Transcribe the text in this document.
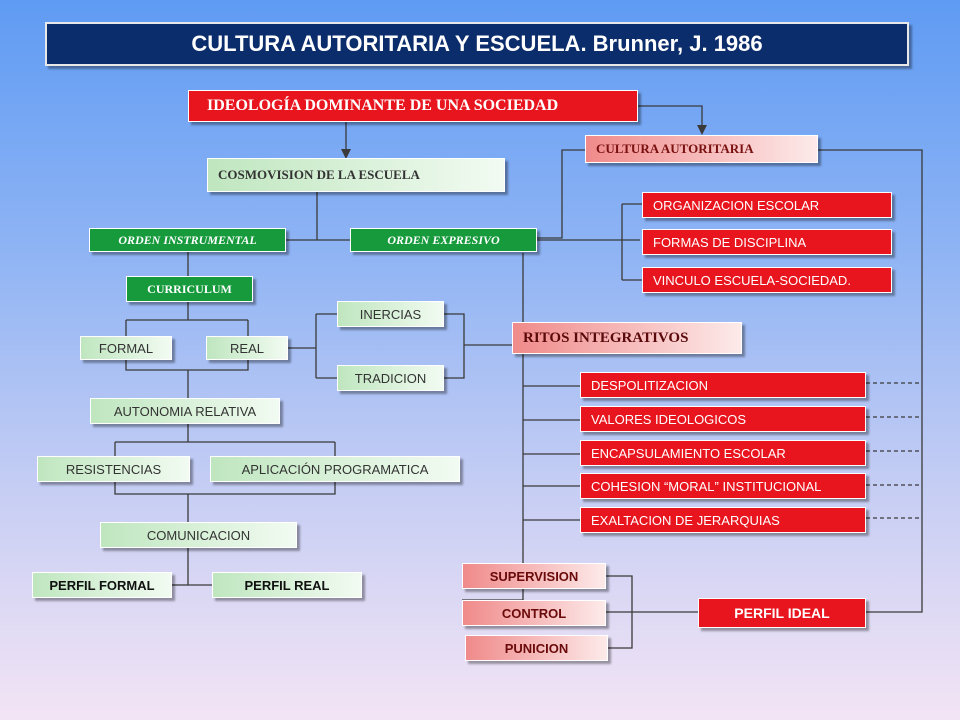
CULTURA AUTORITARIA Y ESCUELA. Brunner, J. 1986
IDEOLOGÍA DOMINANTE DE UNA SOCIEDAD
CULTURA AUTORITARIA
COSMOVISION DE LA ESCUELA
ORDEN INSTRUMENTAL	ORDEN EXPRESIVO
ORGANIZACION ESCOLAR
FORMAS DE DISCIPLINA
VINCULO ESCUELA-SOCIEDAD.
CURRICULUM
INERCIAS
TRADICION
RITOS INTEGRATIVOS
FORMAL	REAL
AUTONOMIA RELATIVA
RESISTENCIAS	APLICACIÓN PROGRAMATICA
COMUNICACION
PERFIL FORMAL	PERFIL REAL
DESPOLITIZACION
VALORES IDEOLOGICOS
ENCAPSULAMIENTO ESCOLAR
COHESION “MORAL” INSTITUCIONAL
EXALTACION DE JERARQUIAS
SUPERVISION
CONTROL
PUNICION
PERFIL IDEAL
